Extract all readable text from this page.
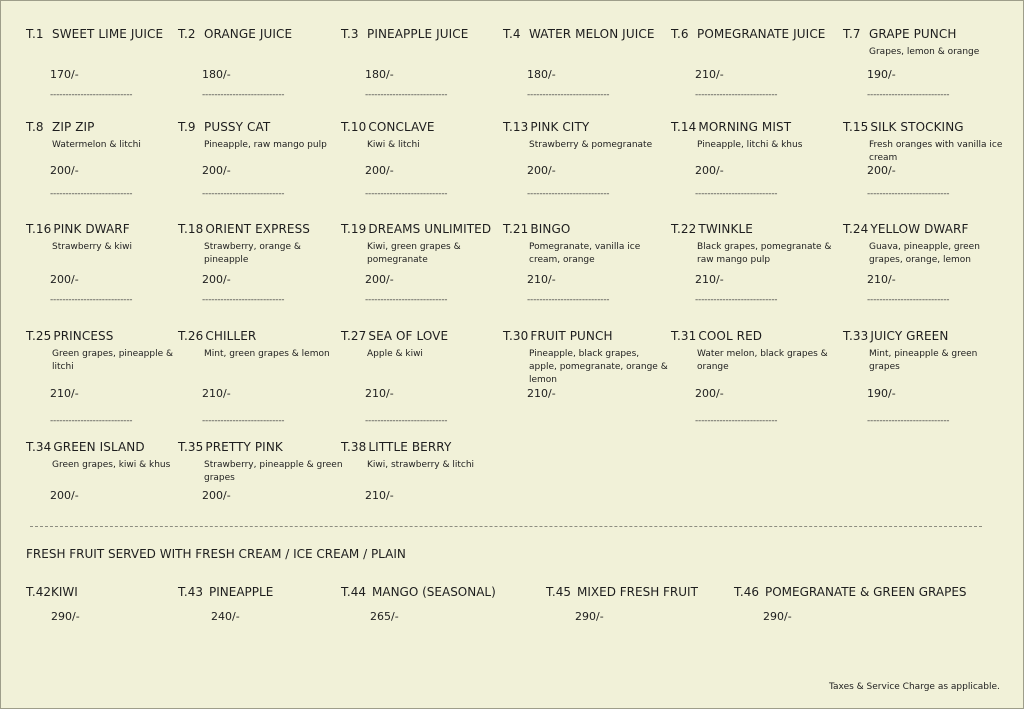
T.1 SWEET LIME JUICE
170/-
---------------------------
T.2 ORANGE JUICE
180/-
---------------------------
T.3 PINEAPPLE JUICE
180/-
---------------------------
T.4 WATER MELON JUICE
180/-
---------------------------
T.6 POMEGRANATE JUICE
210/-
---------------------------
T.7 GRAPE PUNCH
Grapes, lemon & orange
190/-
---------------------------
T.8 ZIP ZIP
Watermelon & litchi
200/-
---------------------------
T.9 PUSSY CAT
Pineapple, raw mango pulp
200/-
---------------------------
T.10 CONCLAVE
Kiwi & litchi
200/-
---------------------------
T.13 PINK CITY
Strawberry & pomegranate
200/-
---------------------------
T.14 MORNING MIST
Pineapple, litchi & khus
200/-
---------------------------
T.15 SILK STOCKING
Fresh oranges with vanilla ice cream
200/-
---------------------------
T.16 PINK DWARF
Strawberry & kiwi
200/-
---------------------------
T.18 ORIENT EXPRESS
Strawberry, orange & pineapple
200/-
---------------------------
T.19 DREAMS UNLIMITED
Kiwi, green grapes & pomegranate
200/-
---------------------------
T.21 BINGO
Pomegranate, vanilla ice cream, orange
210/-
---------------------------
T.22 TWINKLE
Black grapes, pomegranate & raw mango pulp
210/-
---------------------------
T.24 YELLOW DWARF
Guava, pineapple, green grapes, orange, lemon
210/-
---------------------------
T.25 PRINCESS
Green grapes, pineapple & litchi
210/-
---------------------------
T.26 CHILLER
Mint, green grapes & lemon
210/-
---------------------------
T.27 SEA OF LOVE
Apple & kiwi
210/-
---------------------------
T.30 FRUIT PUNCH
Pineapple, black grapes, apple, pomegranate, orange & lemon
210/-
T.31 COOL RED
Water melon, black grapes & orange
200/-
---------------------------
T.33 JUICY GREEN
Mint, pineapple & green grapes
190/-
---------------------------
T.34 GREEN ISLAND
Green grapes, kiwi & khus
200/-
T.35 PRETTY PINK
Strawberry, pineapple & green grapes
200/-
T.38 LITTLE BERRY
Kiwi, strawberry & litchi
210/-
FRESH FRUIT SERVED WITH FRESH CREAM / ICE CREAM / PLAIN
T.42KIWI
290/-
T.43 PINEAPPLE
240/-
T.44 MANGO (SEASONAL)
265/-
T.45 MIXED FRESH FRUIT
290/-
T.46 POMEGRANATE & GREEN GRAPES
290/-
Taxes & Service Charge as applicable.
